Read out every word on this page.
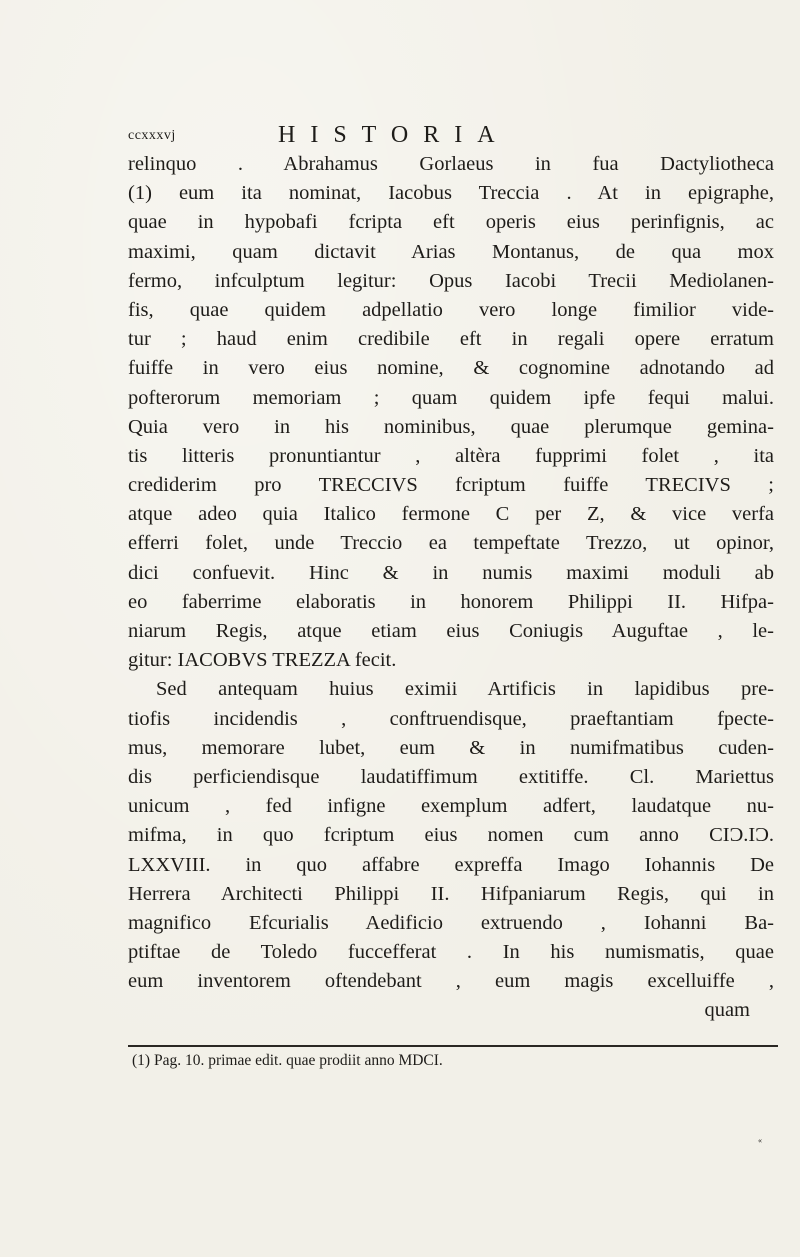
ccxxxvj	HISTORIA
relinquo . Abrahamus Gorlaeus in fua Dactyliotheca
(1) eum ita nominat, Iacobus Treccia . At in epigraphe,
quae in hypobafi fcripta eft operis eius perinfignis, ac
maximi, quam dictavit Arias Montanus, de qua mox
fermo, infculptum legitur: Opus Iacobi Trecii Mediolanen-
fis, quae quidem adpellatio vero longe fimilior vide-
tur ; haud enim credibile eft in regali opere erratum
fuiffe in vero eius nomine, & cognomine adnotando ad
pofterorum memoriam ; quam quidem ipfe fequi malui.
Quia vero in his nominibus, quae plerumque gemina-
tis litteris pronuntiantur , altèra fupprimi folet , ita
crediderim pro TRECCIVS fcriptum fuiffe TRECIVS ;
atque adeo quia Italico fermone C per Z, & vice verfa
efferri folet, unde Treccio ea tempeftate Trezzo, ut opinor,
dici confuevit. Hinc & in numis maximi moduli ab
eo faberrime elaboratis in honorem Philippi II. Hifpa-
niarum Regis, atque etiam eius Coniugis Auguftae , le-
gitur: IACOBVS TREZZA fecit.
Sed antequam huius eximii Artificis in lapidibus pre-
tiofis incidendis , conftruendisque, praeftantiam fpecte-
mus, memorare lubet, eum & in numifmatibus cuden-
dis perficiendisque laudatiffimum extitiffe. Cl. Mariettus
unicum , fed infigne exemplum adfert, laudatque nu-
mifma, in quo fcriptum eius nomen cum anno CIƆ.IƆ.
LXXVIII. in quo affabre expreffa Imago Iohannis De
Herrera Architecti Philippi II. Hifpaniarum Regis, qui in
magnifico Efcurialis Aedificio extruendo , Iohanni Ba-
ptiftae de Toledo fuccefferat . In his numismatis, quae
eum inventorem oftendebant , eum magis excelluiffe ,
quam
(1) Pag. 10. primae edit. quae prodiit anno MDCI.
«
